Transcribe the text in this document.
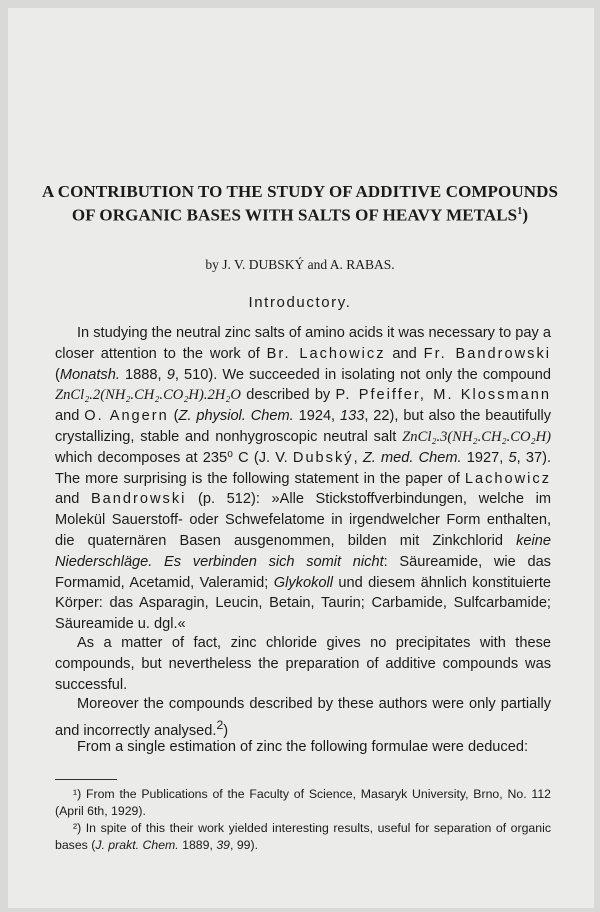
A CONTRIBUTION TO THE STUDY OF ADDITIVE COMPOUNDS OF ORGANIC BASES WITH SALTS OF HEAVY METALS$^1$)
by J. V. DUBSKÝ and A. RABAS.
Introductory.

In studying the neutral zinc salts of amino acids it was necessary to pay a closer attention to the work of Br. Lachowicz and Fr. Bandrowski (Monatsh. 1888, 9, 510). We succeeded in isolating not only the compound ZnCl₂.2(NH₂.CH₂.CO₂H).2H₂O described by P. Pfeiffer, M. Klossmann and O. Angern (Z. physiol. Chem. 1924, 133, 22), but also the beautifully crystallizing, stable and nonhygroscopic neutral salt ZnCl₂.3(NH₂.CH₂.CO₂H) which decomposes at 235⁰ C (J. V. Dubský, Z. med. Chem. 1927, 5, 37). The more surprising is the following statement in the paper of Lachowicz and Bandrowski (p. 512): »Alle Stickstoffverbindungen, welche im Molekül Sauerstoff- oder Schwefelatome in irgendwelcher Form enthalten, die quaternären Basen ausgenommen, bilden mit Zinkchlorid keine Niederschläge. Es verbinden sich somit nicht: Säureamide, wie das Formamid, Acetamid, Valeramid; Glykokoll und diesem ähnlich konstituierte Körper: das Asparagin, Leucin, Betain, Taurin; Carbamide, Sulfcarbamide; Säureamide u. dgl.«

As a matter of fact, zinc chloride gives no precipitates with these compounds, but nevertheless the preparation of additive compounds was successful.

Moreover the compounds described by these authors were only partially and incorrectly analysed.$^2$)

From a single estimation of zinc the following formulae were deduced:

¹) From the Publications of the Faculty of Science, Masaryk University, Brno, No. 112 (April 6th, 1929).

²) In spite of this their work yielded interesting results, useful for separation of organic bases (J. prakt. Chem. 1889, 39, 99).
